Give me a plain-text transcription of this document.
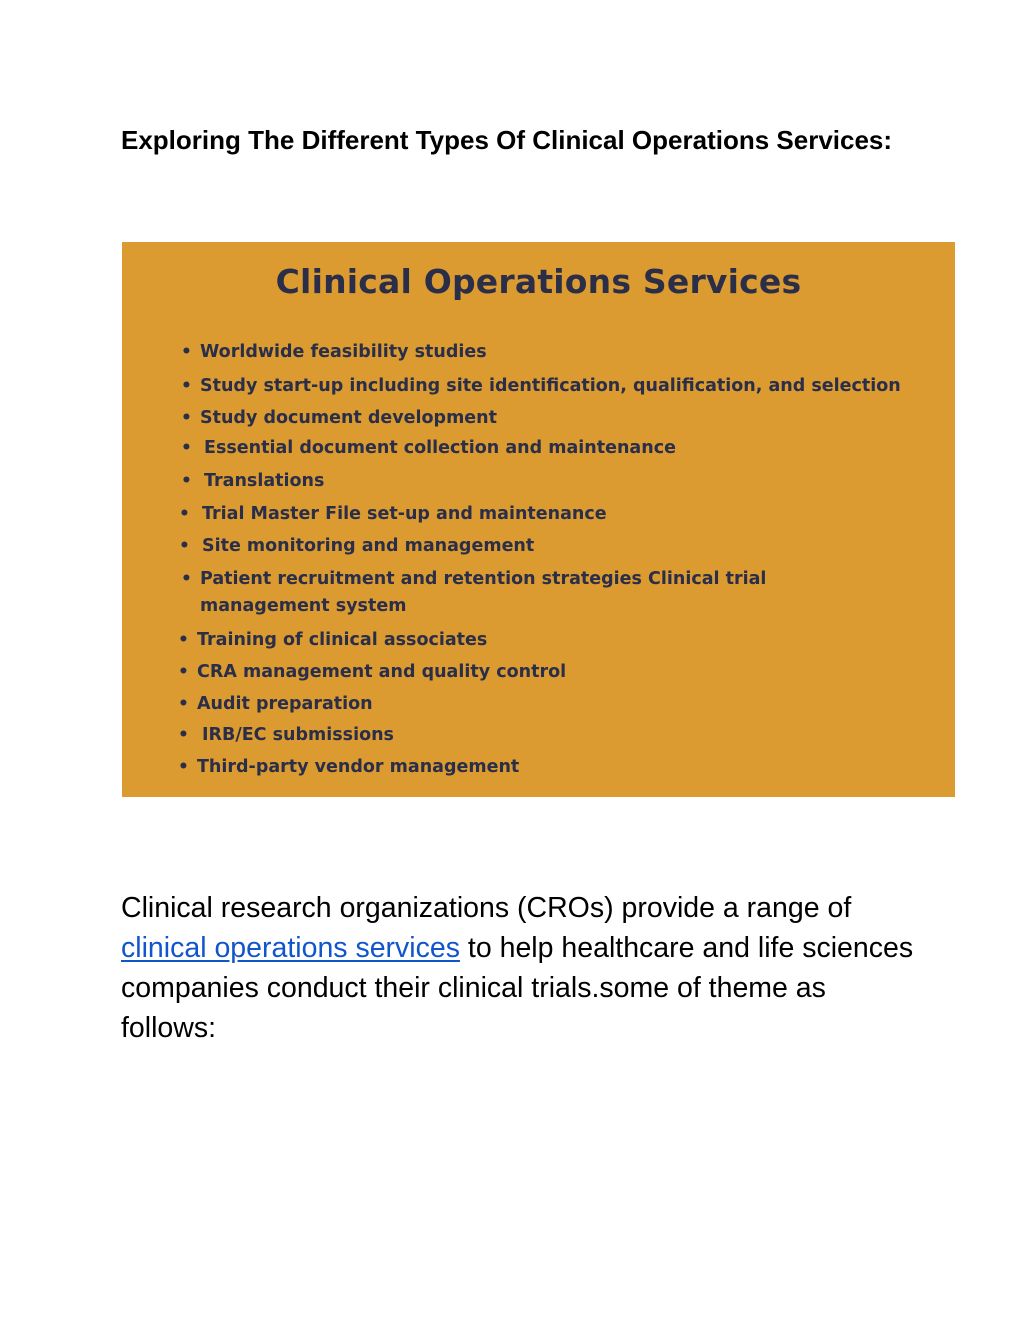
Exploring The Different Types Of Clinical Operations Services:
Clinical Operations Services
• Worldwide feasibility studies
• Study start-up including site identification, qualification, and selection
• Study document development
• Essential document collection and maintenance
• Translations
• Trial Master File set-up and maintenance
• Site monitoring and management
• Patient recruitment and retention strategies Clinical trial
management system
• Training of clinical associates
• CRA management and quality control
• Audit preparation
• IRB/EC submissions
• Third-party vendor management

Clinical research organizations (CROs) provide a range of
clinical operations services to help healthcare and life sciences companies conduct their clinical trials.some of theme as follows:
